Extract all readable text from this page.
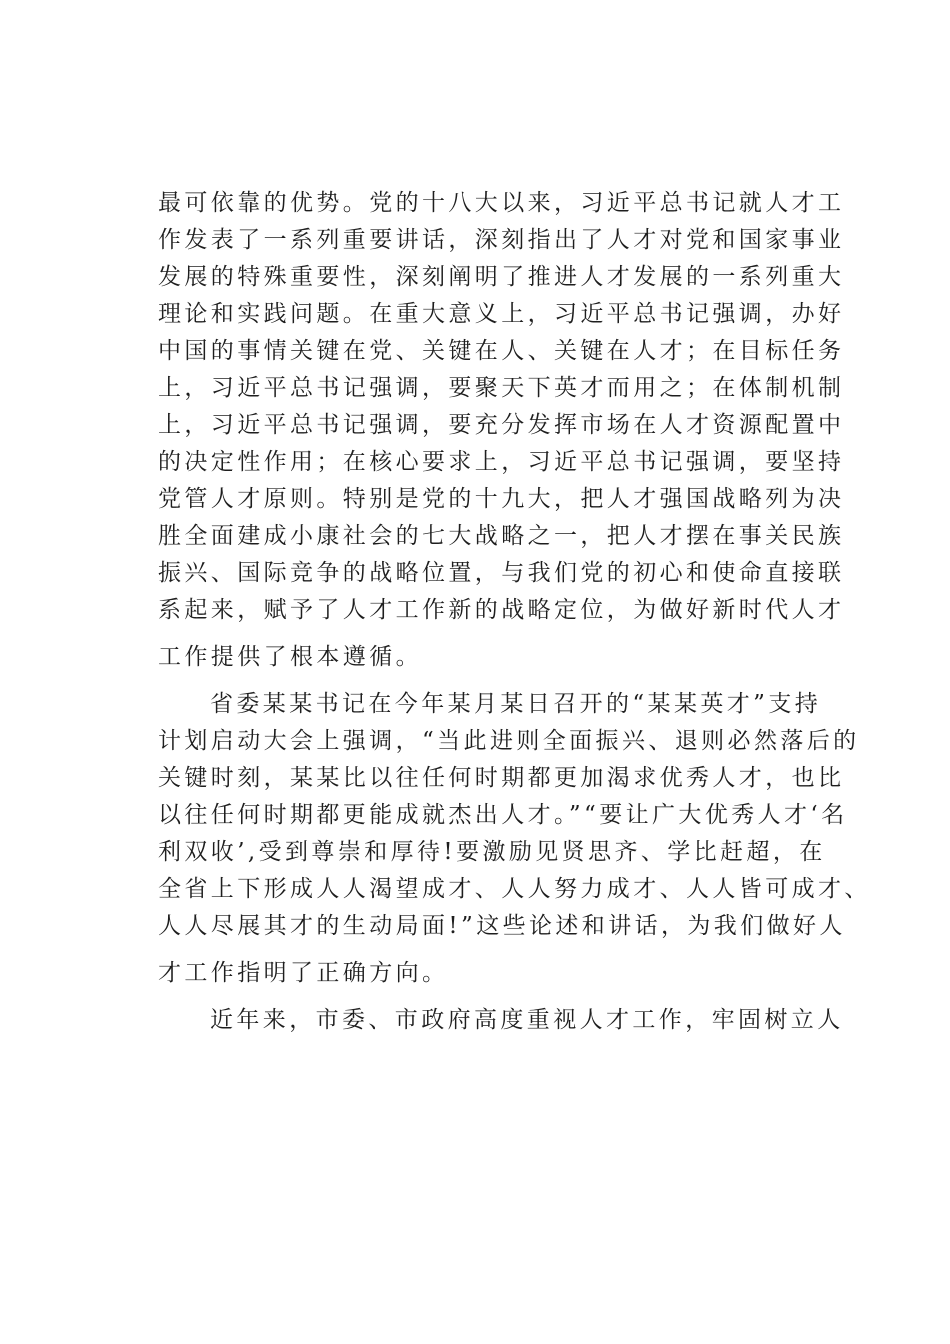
最可依靠的优势。党的十八大以来，习近平总书记就人才工
作发表了一系列重要讲话，深刻指出了人才对党和国家事业
发展的特殊重要性，深刻阐明了推进人才发展的一系列重大
理论和实践问题。在重大意义上，习近平总书记强调，办好
中国的事情关键在党、关键在人、关键在人才；在目标任务
上，习近平总书记强调，要聚天下英才而用之；在体制机制
上，习近平总书记强调，要充分发挥市场在人才资源配置中
的决定性作用；在核心要求上，习近平总书记强调，要坚持
党管人才原则。特别是党的十九大，把人才强国战略列为决
胜全面建成小康社会的七大战略之一，把人才摆在事关民族
振兴、国际竞争的战略位置，与我们党的初心和使命直接联
系起来，赋予了人才工作新的战略定位，为做好新时代人才
工作提供了根本遵循。
省委某某书记在今年某月某日召开的“某某英才”支持
计划启动大会上强调，“当此进则全面振兴、退则必然落后的
关键时刻，某某比以往任何时期都更加渴求优秀人才，也比
以往任何时期都更能成就杰出人才。”“要让广大优秀人才‘名
利双收’,受到尊崇和厚待!要激励见贤思齐、学比赶超，在
全省上下形成人人渴望成才、人人努力成才、人人皆可成才、
人人尽展其才的生动局面!”这些论述和讲话，为我们做好人
才工作指明了正确方向。
近年来，市委、市政府高度重视人才工作，牢固树立人
